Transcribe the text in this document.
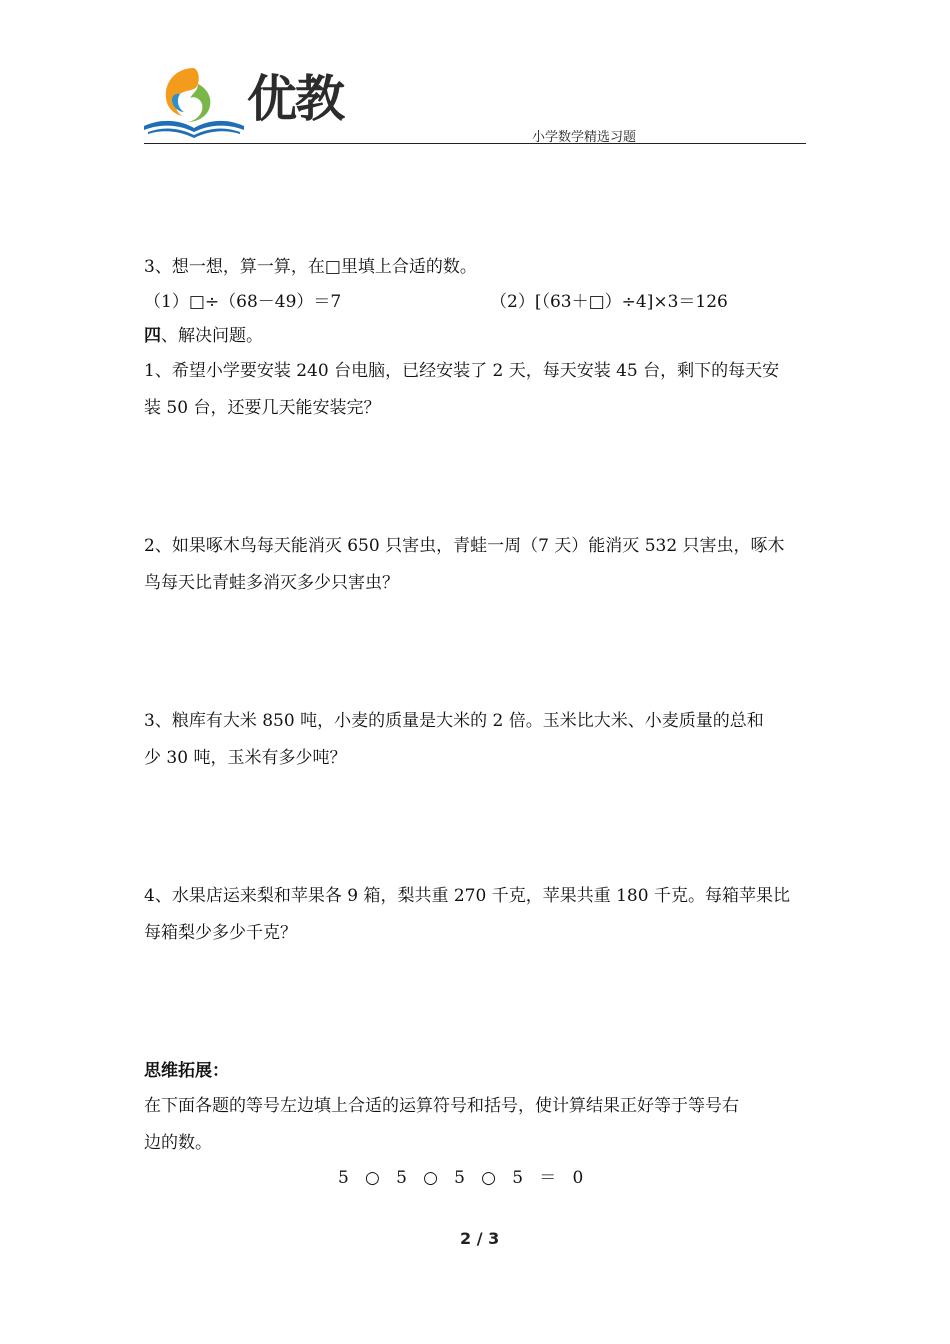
优教
小学数学精选习题
3、想一想，算一算，在□里填上合适的数。
（1）□÷（68－49）＝7	（2）[（63＋□）÷4]×3＝126
四、解决问题。
1、希望小学要安装 240 台电脑，已经安装了 2 天，每天安装 45 台，剩下的每天安
装 50 台，还要几天能安装完？
2、如果啄木鸟每天能消灭 650 只害虫，青蛙一周（7 天）能消灭 532 只害虫，啄木
鸟每天比青蛙多消灭多少只害虫？
3、粮库有大米 850 吨，小麦的质量是大米的 2 倍。玉米比大米、小麦质量的总和
少 30 吨，玉米有多少吨？
4、水果店运来梨和苹果各 9 箱，梨共重 270 千克，苹果共重 180 千克。每箱苹果比
每箱梨少多少千克？
思维拓展：
在下面各题的等号左边填上合适的运算符号和括号，使计算结果正好等于等号右
边的数。
5   ○   5   ○   5   ○   5   ＝   0
2 / 3
